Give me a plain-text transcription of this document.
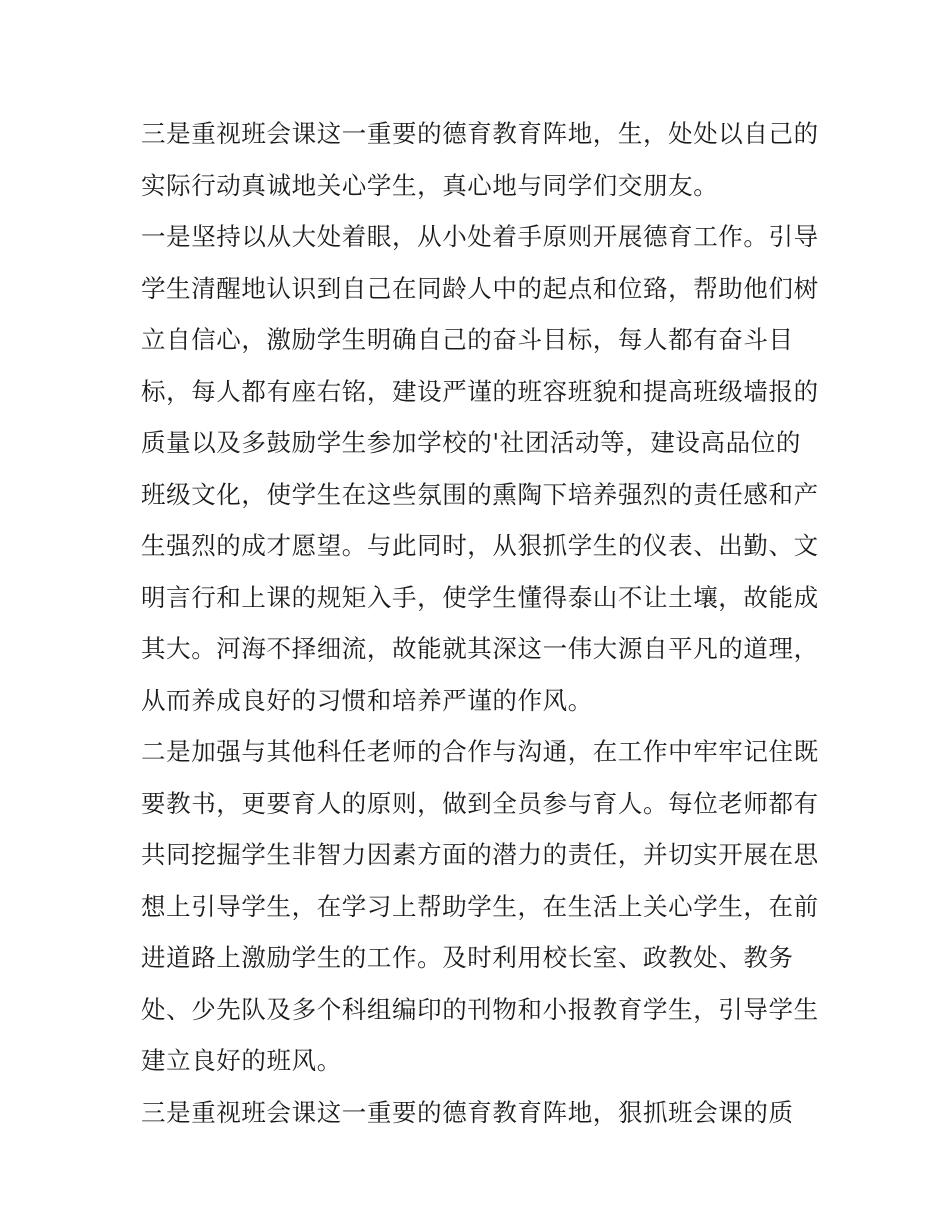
三是重视班会课这一重要的德育教育阵地，生，处处以自己的
实际行动真诚地关心学生，真心地与同学们交朋友。
一是坚持以从大处着眼，从小处着手原则开展德育工作。引导
学生清醒地认识到自己在同龄人中的起点和位臵，帮助他们树
立自信心，激励学生明确自己的奋斗目标，每人都有奋斗目
标，每人都有座右铭，建设严谨的班容班貌和提高班级墙报的
质量以及多鼓励学生参加学校的'社团活动等，建设高品位的
班级文化，使学生在这些氛围的熏陶下培养强烈的责任感和产
生强烈的成才愿望。与此同时，从狠抓学生的仪表、出勤、文
明言行和上课的规矩入手，使学生懂得泰山不让土壤，故能成
其大。河海不择细流，故能就其深这一伟大源自平凡的道理，
从而养成良好的习惯和培养严谨的作风。
二是加强与其他科任老师的合作与沟通，在工作中牢牢记住既
要教书，更要育人的原则，做到全员参与育人。每位老师都有
共同挖掘学生非智力因素方面的潜力的责任，并切实开展在思
想上引导学生，在学习上帮助学生，在生活上关心学生，在前
进道路上激励学生的工作。及时利用校长室、政教处、教务
处、少先队及多个科组编印的刊物和小报教育学生，引导学生
建立良好的班风。
三是重视班会课这一重要的德育教育阵地，狠抓班会课的质
